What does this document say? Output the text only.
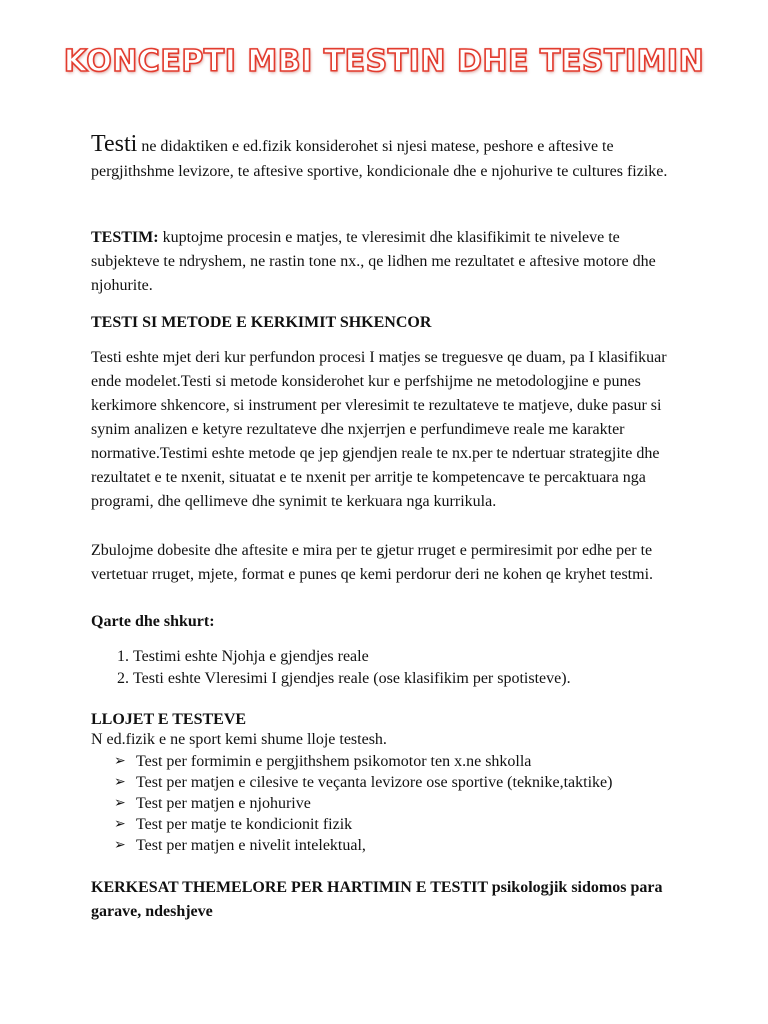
KONCEPTI MBI TESTIN DHE TESTIMIN
Testi ne didaktiken e ed.fizik konsiderohet si njesi matese, peshore e aftesive te pergjithshme levizore, te aftesive sportive, kondicionale dhe e njohurive te cultures fizike.
TESTIM: kuptojme procesin e matjes, te vleresimit dhe klasifikimit te niveleve te subjekteve te ndryshem, ne rastin tone nx., qe lidhen me rezultatet e aftesive motore dhe njohurite.
TESTI SI METODE E KERKIMIT SHKENCOR
Testi eshte mjet deri kur perfundon procesi I matjes se treguesve qe duam, pa I klasifikuar ende modelet.Testi si metode konsiderohet kur e perfshijme ne metodologjine e punes kerkimore shkencore, si instrument per vleresimit te rezultateve te matjeve, duke pasur si synim analizen e ketyre rezultateve dhe nxjerrjen e perfundimeve reale me karakter normative.Testimi eshte metode qe jep gjendjen reale te nx.per te ndertuar strategjite dhe rezultatet e te nxenit, situatat e te nxenit per arritje te kompetencave te percaktuara nga programi, dhe qellimeve dhe synimit te kerkuara nga kurrikula.
Zbulojme dobesite dhe aftesite e mira per te gjetur rruget e permiresimit por edhe per te vertetuar rruget, mjete, format e punes qe kemi perdorur deri ne kohen qe kryhet testmi.
Qarte dhe shkurt:
1. Testimi eshte Njohja e gjendjes reale
2. Testi eshte Vleresimi I gjendjes reale (ose klasifikim per spotisteve).
LLOJET E TESTEVE
N ed.fizik e ne sport kemi shume lloje testesh.
➢ Test per formimin e pergjithshem psikomotor ten x.ne shkolla
➢ Test per matjen e cilesive te veçanta levizore ose sportive (teknike,taktike)
➢ Test per matjen e njohurive
➢ Test per matje te kondicionit fizik
➢ Test per matjen e nivelit intelektual,
KERKESAT THEMELORE PER HARTIMIN E TESTIT psikologjik sidomos para garave, ndeshjeve
